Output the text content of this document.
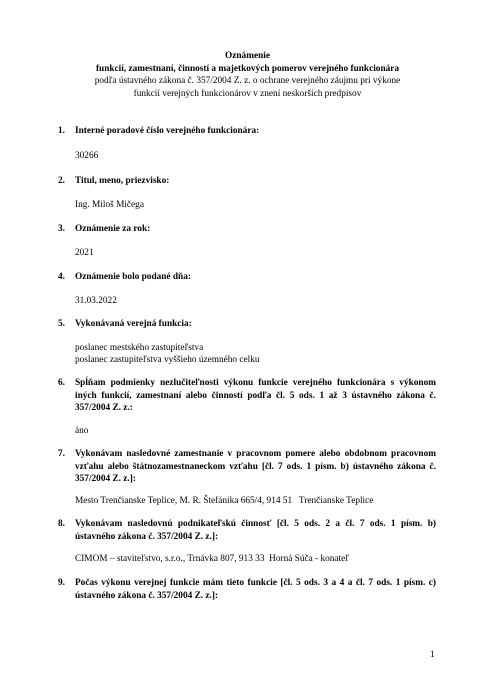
Oznámenie
funkcií, zamestnaní, činností a majetkových pomerov verejného funkcionára
podľa ústavného zákona č. 357/2004 Z. z. o ochrane verejného záujmu pri výkone
funkcií verejných funkcionárov v znení neskorších predpisov
1.	Interné poradové číslo verejného funkcionára:
30266
2.	Titul, meno, priezvisko:
Ing. Miloš Mičega
3.	Oznámenie za rok:
2021
4.	Oznámenie bolo podané dňa:
31.03.2022
5.	Vykonávaná verejná funkcia:
poslanec mestského zastupiteľstva
poslanec zastupiteľstva vyššieho územného celku
6.	Spĺňam podmienky nezlučiteľnosti výkonu funkcie verejného funkcionára s výkonom iných funkcií, zamestnaní alebo činností podľa čl. 5 ods. 1 až 3 ústavného zákona č. 357/2004 Z. z.:
áno
7.	Vykonávam nasledovné zamestnanie v pracovnom pomere alebo obdobnom pracovnom vzťahu alebo štátnozamestnaneckom vzťahu [čl. 7 ods. 1 písm. b) ústavného zákona č. 357/2004 Z. z.]:
Mesto Trenčianske Teplice, M. R. Štefánika 665/4, 914 51   Trenčianske Teplice
8.	Vykonávam nasledovnú podnikateľskú činnosť [čl. 5 ods. 2 a čl. 7 ods. 1 písm. b) ústavného zákona č. 357/2004 Z. z.]:
CIMOM – staviteľstvo, s.r.o., Trnávka 807, 913 33  Horná Súča - konateľ
9.	Počas výkonu verejnej funkcie mám tieto funkcie [čl. 5 ods. 3 a 4 a čl. 7 ods. 1 písm. c) ústavného zákona č. 357/2004 Z. z.]:
1
